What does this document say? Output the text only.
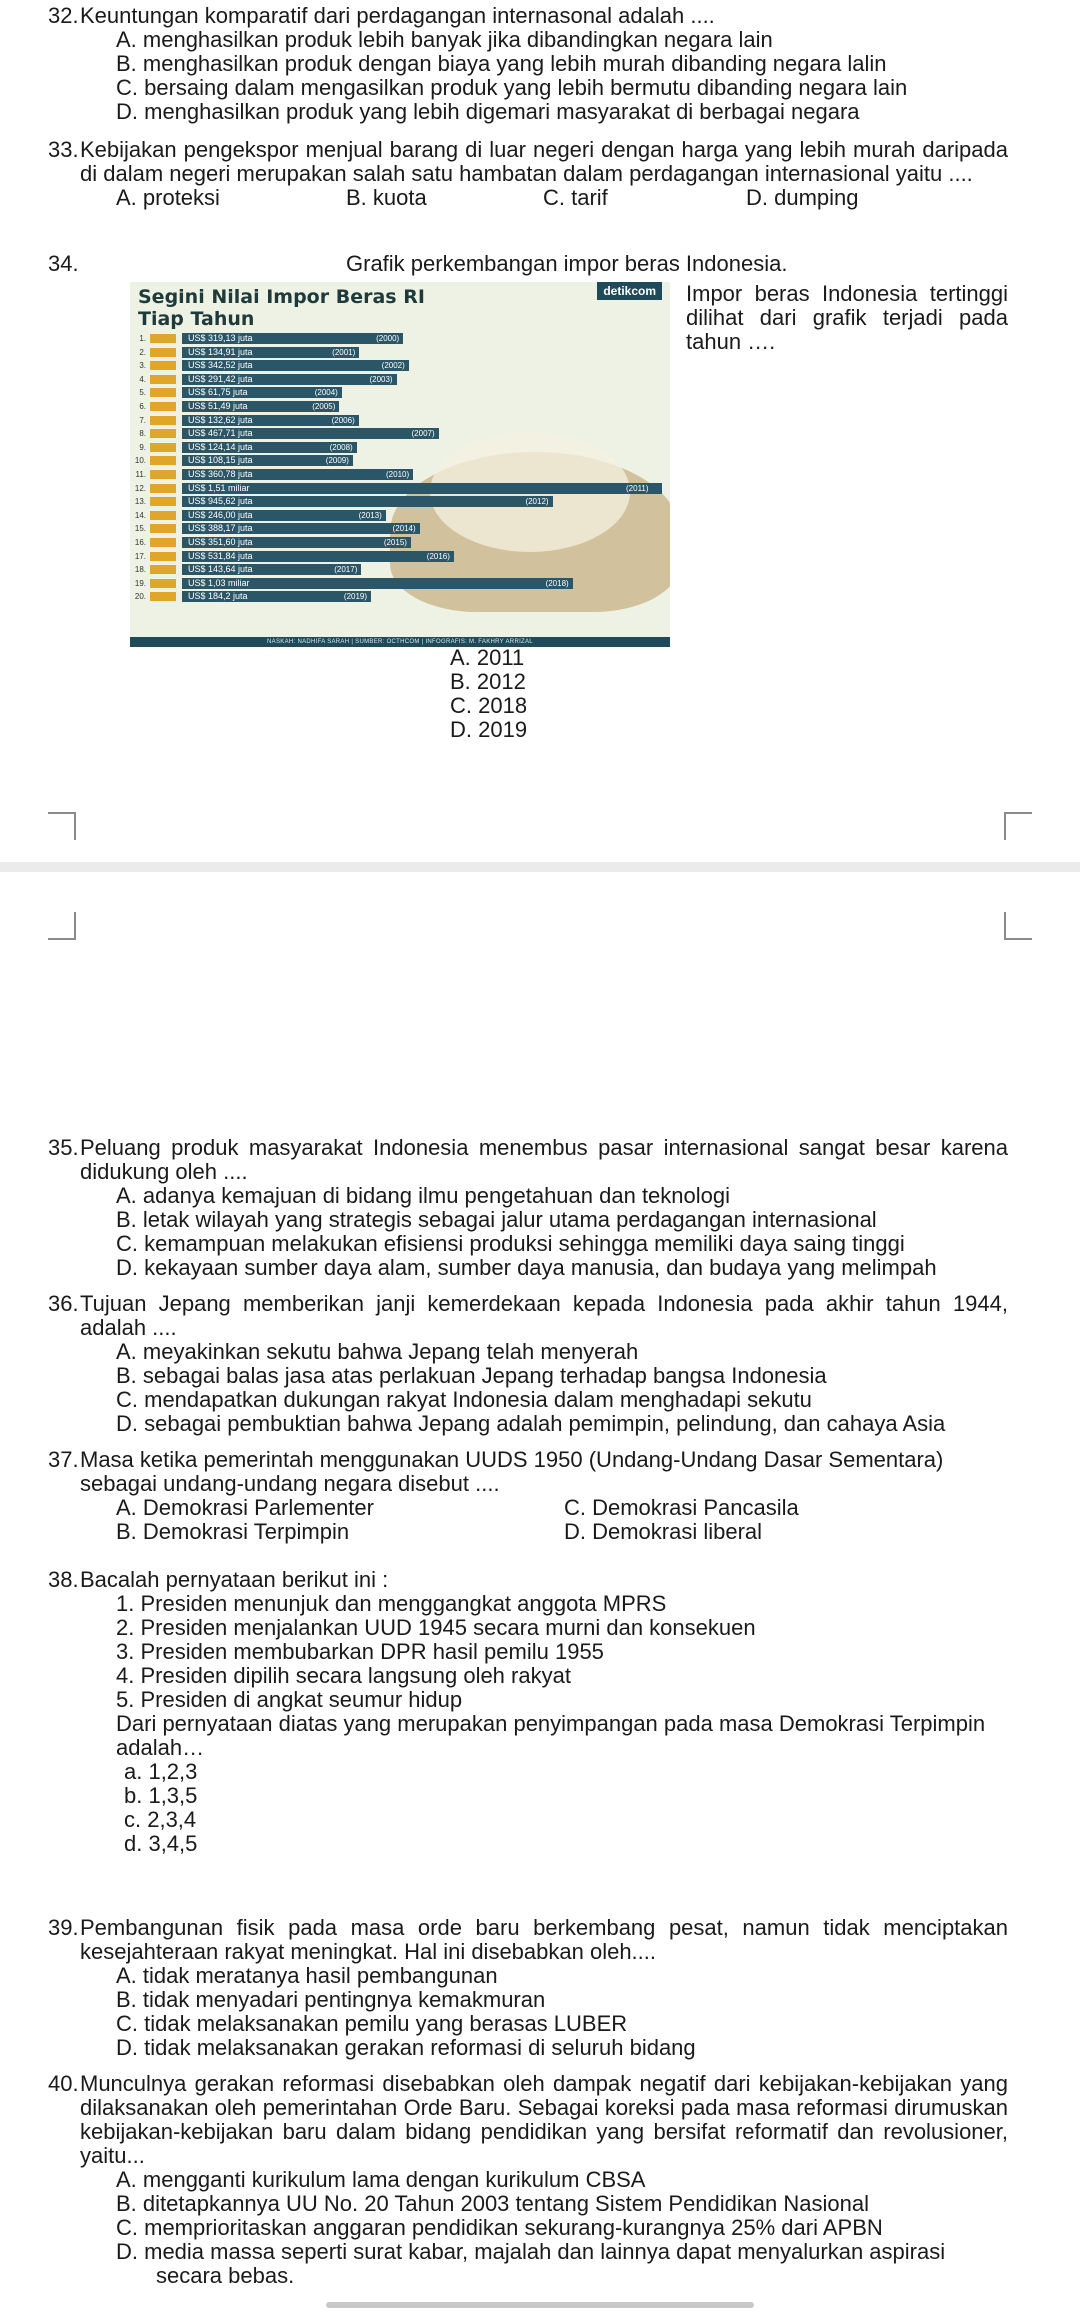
32.Keuntungan komparatif dari perdagangan internasonal adalah ....
A. menghasilkan produk lebih banyak jika dibandingkan negara lain
B. menghasilkan produk dengan biaya yang lebih murah dibanding negara lalin
C. bersaing dalam mengasilkan produk yang lebih bermutu dibanding negara lain
D. menghasilkan produk yang lebih digemari masyarakat di berbagai negara
33.Kebijakan pengekspor menjual barang di luar negeri dengan harga yang lebih murah daripada di dalam negeri merupakan salah satu hambatan dalam perdagangan internasional yaitu ....
A. proteksi	B. kuota	C. tarif	D. dumping
34.	Grafik perkembangan impor beras Indonesia.
Segini Nilai Impor Beras RI
Tiap Tahun
detikcom
1.	US$ 319,13 juta	(2000)
2.	US$ 134,91 juta	(2001)
3.	US$ 342,52 juta	(2002)
4.	US$ 291,42 juta	(2003)
5.	US$ 61,75 juta	(2004)
6.	US$ 51,49 juta	(2005)
7.	US$ 132,62 juta	(2006)
8.	US$ 467,71 juta	(2007)
9.	US$ 124,14 juta	(2008)
10.	US$ 108,15 juta	(2009)
11.	US$ 360,78 juta	(2010)
12.	US$ 1,51 miliar	(2011)
13.	US$ 945,62 juta	(2012)
14.	US$ 246,00 juta	(2013)
15.	US$ 388,17 juta	(2014)
16.	US$ 351,60 juta	(2015)
17.	US$ 531,84 juta	(2016)
18.	US$ 143,64 juta	(2017)
19.	US$ 1,03 miliar	(2018)
20.	US$ 184,2 juta	(2019)
NASKAH: NADHIFA SARAH | SUMBER: OCTHCOM | INFOGRAFIS: M. FAKHRY ARRIZAL
Impor beras Indonesia tertinggi dilihat dari grafik terjadi pada tahun ….
A. 2011
B. 2012
C. 2018
D. 2019
35.Peluang produk masyarakat Indonesia menembus pasar internasional sangat besar karena didukung oleh ....
A. adanya kemajuan di bidang ilmu pengetahuan dan teknologi
B. letak wilayah yang strategis sebagai jalur utama perdagangan internasional
C. kemampuan melakukan efisiensi produksi sehingga memiliki daya saing tinggi
D. kekayaan sumber daya alam, sumber daya manusia, dan budaya yang melimpah
36.Tujuan Jepang memberikan janji kemerdekaan kepada Indonesia pada akhir tahun 1944, adalah ....
A. meyakinkan sekutu bahwa Jepang telah menyerah
B. sebagai balas jasa atas perlakuan Jepang terhadap bangsa Indonesia
C. mendapatkan dukungan rakyat Indonesia dalam menghadapi sekutu
D. sebagai pembuktian bahwa Jepang adalah pemimpin, pelindung, dan cahaya Asia
37.Masa ketika pemerintah menggunakan UUDS 1950 (Undang-Undang Dasar Sementara) sebagai undang-undang negara disebut ....
A. Demokrasi Parlementer	C. Demokrasi Pancasila
B. Demokrasi Terpimpin	D. Demokrasi liberal
38.Bacalah pernyataan berikut ini :
1. Presiden menunjuk dan menggangkat anggota MPRS
2. Presiden menjalankan UUD 1945 secara murni dan konsekuen
3. Presiden membubarkan DPR hasil pemilu 1955
4. Presiden dipilih secara langsung oleh rakyat
5. Presiden di angkat seumur hidup
Dari pernyataan diatas yang merupakan penyimpangan pada masa Demokrasi Terpimpin adalah…
a. 1,2,3
b. 1,3,5
c. 2,3,4
d. 3,4,5
39.Pembangunan fisik pada masa orde baru berkembang pesat, namun tidak menciptakan kesejahteraan rakyat meningkat. Hal ini disebabkan oleh....
A. tidak meratanya hasil pembangunan
B. tidak menyadari pentingnya kemakmuran
C. tidak melaksanakan pemilu yang berasas LUBER
D. tidak melaksanakan gerakan reformasi di seluruh bidang
40.Munculnya gerakan reformasi disebabkan oleh dampak negatif dari kebijakan-kebijakan yang dilaksanakan oleh pemerintahan Orde Baru. Sebagai koreksi pada masa reformasi dirumuskan kebijakan-kebijakan baru dalam bidang pendidikan yang bersifat reformatif dan revolusioner, yaitu...
A. mengganti kurikulum lama dengan kurikulum CBSA
B. ditetapkannya UU No. 20 Tahun 2003 tentang Sistem Pendidikan Nasional
C. memprioritaskan anggaran pendidikan sekurang-kurangnya 25% dari APBN
D. media massa seperti surat kabar, majalah dan lainnya dapat menyalurkan aspirasi
secara bebas.
